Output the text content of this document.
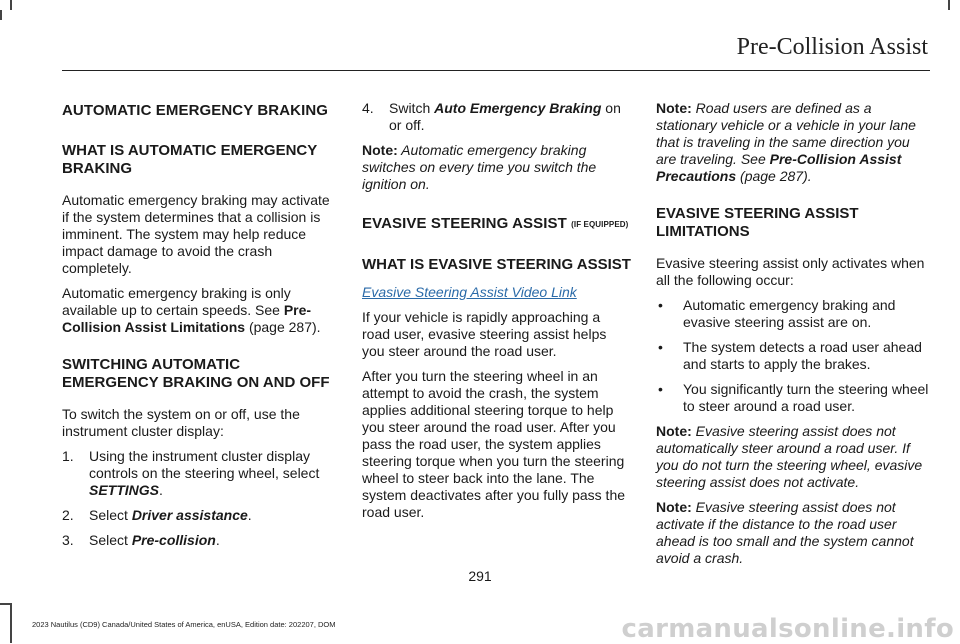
Pre-Collision Assist
AUTOMATIC EMERGENCY BRAKING
WHAT IS AUTOMATIC EMERGENCY BRAKING

Automatic emergency braking may activate if the system determines that a collision is imminent. The system may help reduce impact damage to avoid the crash completely.

Automatic emergency braking is only available up to certain speeds. See Pre-Collision Assist Limitations (page 287).

SWITCHING AUTOMATIC EMERGENCY BRAKING ON AND OFF

To switch the system on or off, use the instrument cluster display:

1. Using the instrument cluster display controls on the steering wheel, select SETTINGS.
2. Select Driver assistance.
3. Select Pre-collision.
4. Switch Auto Emergency Braking on or off.

Note: Automatic emergency braking switches on every time you switch the ignition on.

EVASIVE STEERING ASSIST (IF EQUIPPED)
WHAT IS EVASIVE STEERING ASSIST

Evasive Steering Assist Video Link

If your vehicle is rapidly approaching a road user, evasive steering assist helps you steer around the road user.

After you turn the steering wheel in an attempt to avoid the crash, the system applies additional steering torque to help you steer around the road user. After you pass the road user, the system applies steering torque when you turn the steering wheel to steer back into the lane. The system deactivates after you fully pass the road user.

Note: Road users are defined as a stationary vehicle or a vehicle in your lane that is traveling in the same direction you are traveling. See Pre-Collision Assist Precautions (page 287).

EVASIVE STEERING ASSIST LIMITATIONS

Evasive steering assist only activates when all the following occur:

• Automatic emergency braking and evasive steering assist are on.
• The system detects a road user ahead and starts to apply the brakes.
• You significantly turn the steering wheel to steer around a road user.

Note: Evasive steering assist does not automatically steer around a road user. If you do not turn the steering wheel, evasive steering assist does not activate.

Note: Evasive steering assist does not activate if the distance to the road user ahead is too small and the system cannot avoid a crash.

291
2023 Nautilus (CD9) Canada/United States of America, enUSA, Edition date: 202207, DOM	carmanualsonline.info
